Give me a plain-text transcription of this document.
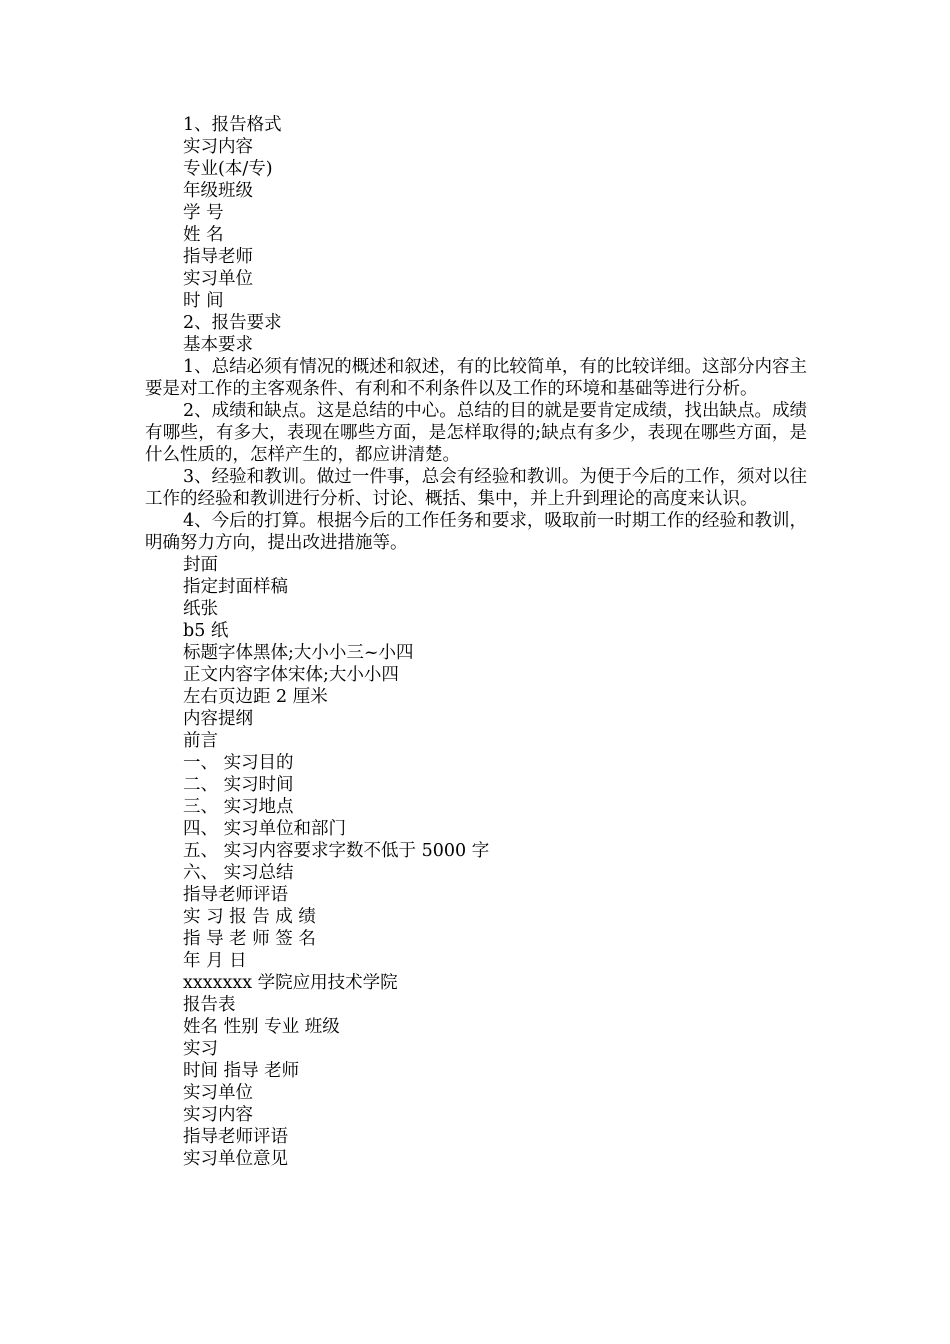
1、报告格式
实习内容
专业(本/专)
年级班级
学 号
姓 名
指导老师
实习单位
时 间
2、报告要求
基本要求

1、总结必须有情况的概述和叙述，有的比较简单，有的比较详细。这部分内容主要是对工作的主客观条件、有利和不利条件以及工作的环境和基础等进行分析。

2、成绩和缺点。这是总结的中心。总结的目的就是要肯定成绩，找出缺点。成绩有哪些，有多大，表现在哪些方面，是怎样取得的;缺点有多少，表现在哪些方面，是什么性质的，怎样产生的，都应讲清楚。

3、经验和教训。做过一件事，总会有经验和教训。为便于今后的工作，须对以往工作的经验和教训进行分析、讨论、概括、集中，并上升到理论的高度来认识。

4、今后的打算。根据今后的工作任务和要求，吸取前一时期工作的经验和教训，明确努力方向，提出改进措施等。

封面
指定封面样稿
纸张
b5 纸
标题字体黑体;大小小三~小四
正文内容字体宋体;大小小四
左右页边距 2 厘米
内容提纲
前言
一、 实习目的
二、 实习时间
三、 实习地点
四、 实习单位和部门
五、 实习内容要求字数不低于 5000 字
六、 实习总结
指导老师评语
实 习 报 告 成 绩
指 导 老 师 签 名
年 月 日
xxxxxxx 学院应用技术学院
报告表
姓名 性别 专业 班级
实习
时间 指导 老师
实习单位
实习内容
指导老师评语
实习单位意见
